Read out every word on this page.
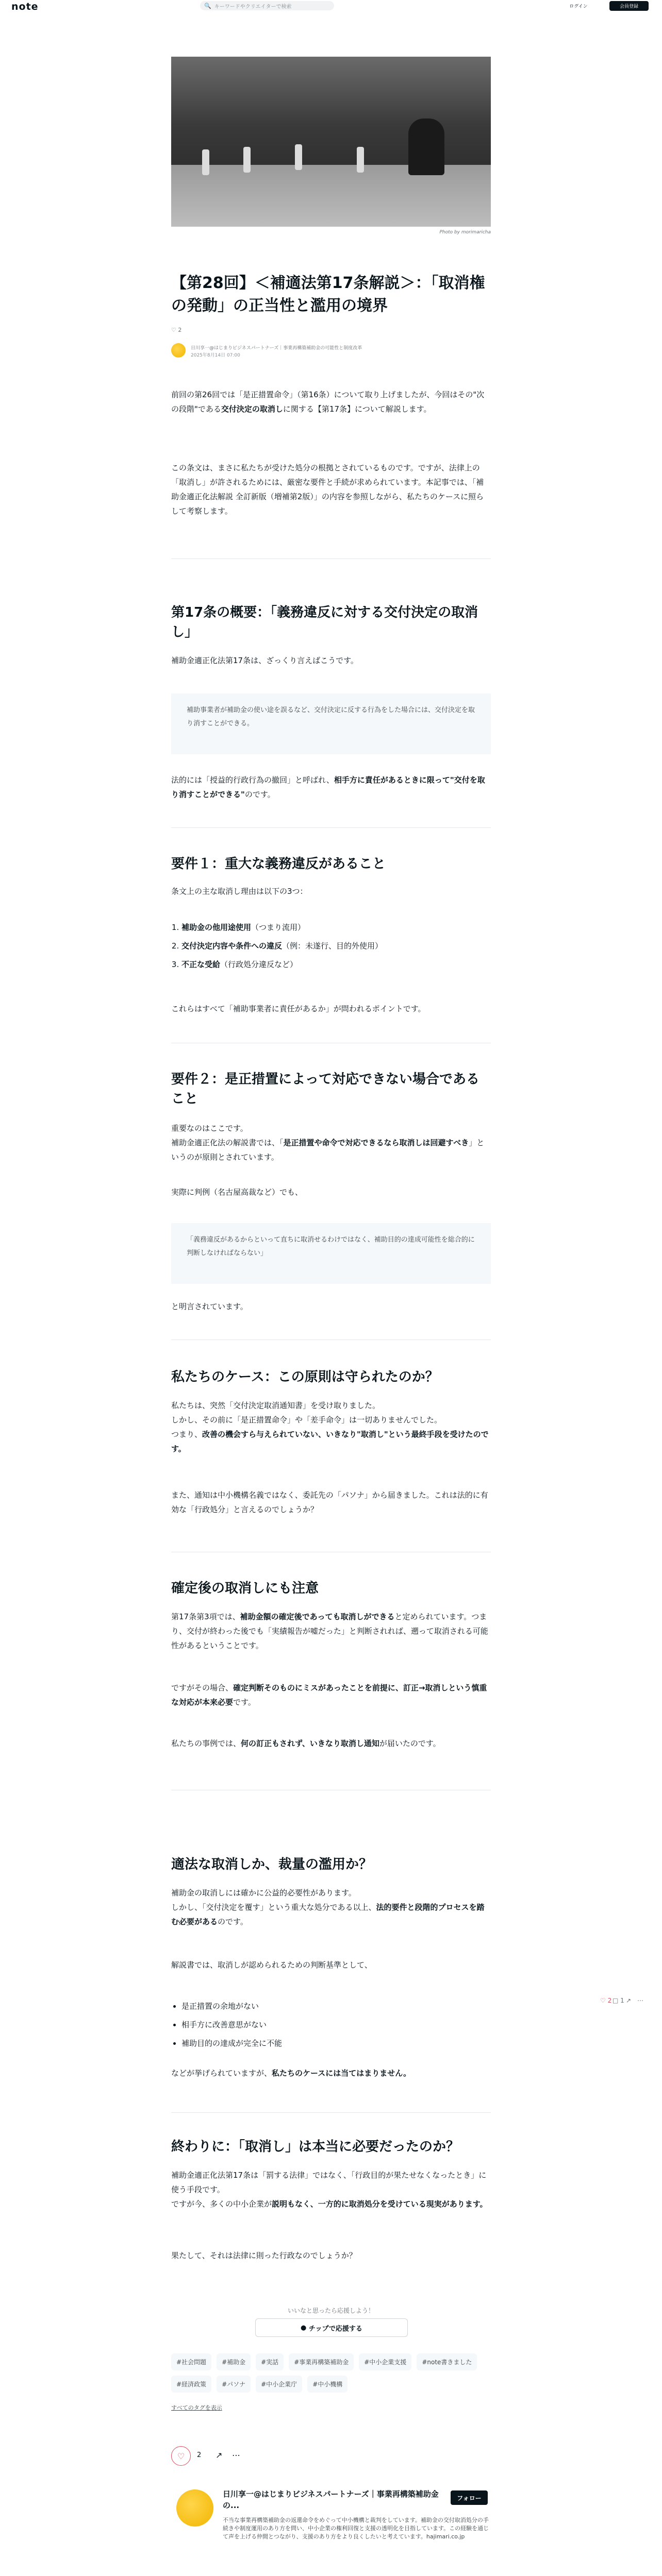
note	🔍 キーワードやクリエイターで検索	ログイン	会員登録
Photo by morimaricha
【第28回】＜補適法第17条解説＞：「取消権の発動」の正当性と濫用の境界
♡ 2
日川享一@はじまりビジネスパートナーズ｜事業再構築補助金の可能性と制度改革
2025年8月14日 07:00
前回の第26回では「是正措置命令」（第16条）について取り上げましたが、今回はその"次の段階"である交付決定の取消しに関する【第17条】について解説します。
この条文は、まさに私たちが受けた処分の根拠とされているものです。ですが、法律上の「取消し」が許されるためには、厳密な要件と手続が求められています。本記事では、「補助金適正化法解説 全訂新版（増補第2版）」の内容を参照しながら、私たちのケースに照らして考察します。
第17条の概要：「義務違反に対する交付決定の取消し」
補助金適正化法第17条は、ざっくり言えばこうです。
補助事業者が補助金の使い途を誤るなど、交付決定に反する行為をした場合には、交付決定を取り消すことができる。
法的には「授益的行政行為の撤回」と呼ばれ、相手方に責任があるときに限って"交付を取り消すことができる"のです。
要件１：重大な義務違反があること
条文上の主な取消し理由は以下の3つ：
1. 補助金の他用途使用（つまり流用）
2. 交付決定内容や条件への違反（例：未遂行、目的外使用）
3. 不正な受給（行政処分違反など）
これらはすべて「補助事業者に責任があるか」が問われるポイントです。
要件２：是正措置によって対応できない場合であること
重要なのはここです。
補助金適正化法の解説書では、「是正措置や命令で対応できるなら取消しは回避すべき」というのが原則とされています。
実際に判例（名古屋高裁など）でも、
「義務違反があるからといって直ちに取消せるわけではなく、補助目的の達成可能性を総合的に判断しなければならない」
と明言されています。
私たちのケース：この原則は守られたのか？
私たちは、突然「交付決定取消通知書」を受け取りました。
しかし、その前に「是正措置命令」や「差手命令」は一切ありませんでした。
つまり、改善の機会すら与えられていない、いきなり"取消し"という最終手段を受けたのです。
また、通知は中小機構名義ではなく、委託先の「パソナ」から届きました。これは法的に有効な「行政処分」と言えるのでしょうか？
確定後の取消しにも注意
第17条第3項では、補助金額の確定後であっても取消しができると定められています。つまり、交付が終わった後でも「実績報告が嘘だった」と判断されれば、遡って取消される可能性があるということです。
ですがその場合、確定判断そのものにミスがあったことを前提に、訂正→取消しという慎重な対応が本来必要です。
私たちの事例では、何の訂正もされず、いきなり取消し通知が届いたのです。
適法な取消しか、裁量の濫用か？
補助金の取消しには確かに公益的必要性があります。
しかし、「交付決定を覆す」という重大な処分である以上、法的要件と段階的プロセスを踏む必要があるのです。
解説書では、取消しが認められるための判断基準として、
• 是正措置の余地がない
• 相手方に改善意思がない
• 補助目的の達成が完全に不能
などが挙げられていますが、私たちのケースには当てはまりません。
終わりに：「取消し」は本当に必要だったのか？
補助金適正化法第17条は「罰する法律」ではなく、「行政目的が果たせなくなったとき」に使う手段です。
ですが今、多くの中小企業が説明もなく、一方的に取消処分を受けている現実があります。
果たして、それは法律に則った行政なのでしょうか？
♡ 2 □ 1 ↗ ⋯
いいなと思ったら応援しよう！
● チップで応援する
#社会問題	#補助金	#実話	#事業再構築補助金	#中小企業支援	#note書きました
#経済政策	#パソナ	#中小企業庁	#中小機構
すべてのタグを表示
♡ 2 ↗ ⋯
日川享一@はじまりビジネスパートナーズ｜事業再構築補助金の...
フォロー
不当な事業再構築補助金の返還命令をめぐって中小機構と裁判をしています。補助金の交付取消処分の手続きや制度運用のあり方を問い、中小企業の権利回復と支援の透明化を目指しています。この経験を通じて声を上げる仲間とつながり、支援のあり方をより良くしたいと考えています。hajimari.co.jp
